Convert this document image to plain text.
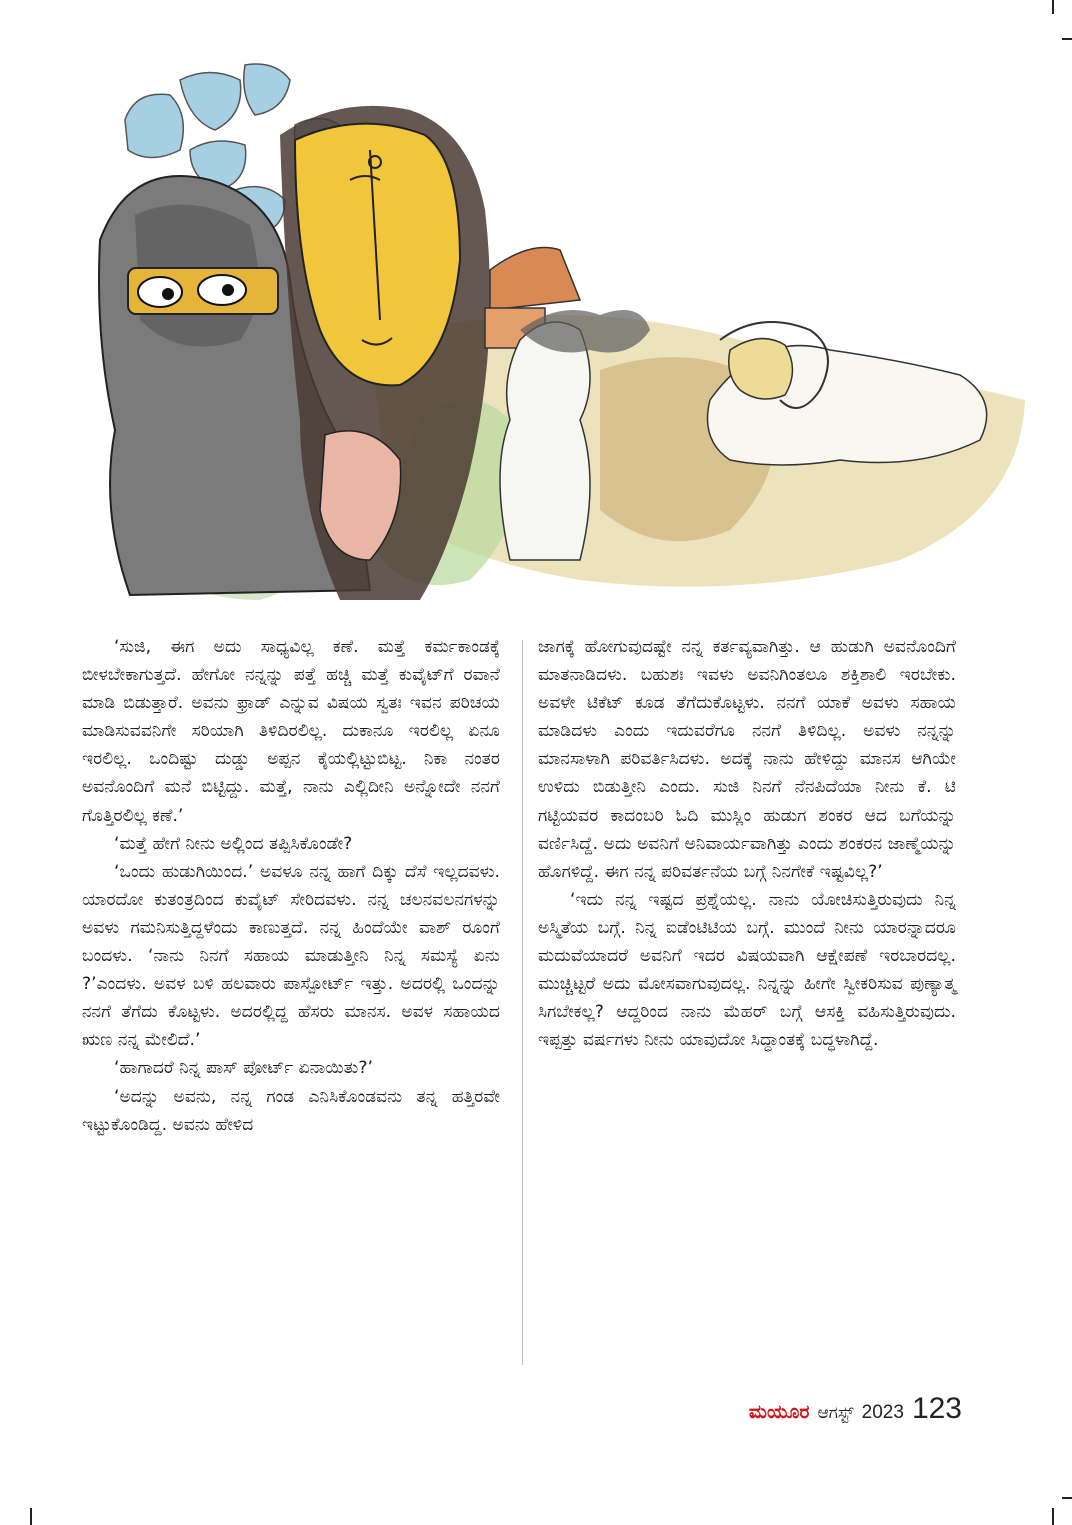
‘ಸುಜಿ, ಈಗ ಅದು ಸಾಧ್ಯವಿಲ್ಲ ಕಣೆ. ಮತ್ತೆ ಕರ್ಮಕಾಂಡಕ್ಕೆ ಬೀಳಬೇಕಾಗುತ್ತದೆ. ಹೇಗೋ ನನ್ನನ್ನು ಪತ್ತೆ ಹಚ್ಚಿ ಮತ್ತೆ ಕುವೈಟ್‌ಗೆ ರವಾನೆ ಮಾಡಿ ಬಿಡುತ್ತಾರೆ. ಅವನು ಫ್ರಾಡ್ ಎನ್ನುವ ವಿಷಯ ಸ್ವತಃ ಇವನ ಪರಿಚಯ ಮಾಡಿಸುವವನಿಗೇ ಸರಿಯಾಗಿ ತಿಳಿದಿರಲಿಲ್ಲ. ದುಕಾನೂ ಇರಲಿಲ್ಲ ಏನೂ ಇರಲಿಲ್ಲ. ಒಂದಿಷ್ಟು ದುಡ್ಡು ಅಪ್ಪನ ಕೈಯಲ್ಲಿಟ್ಟುಬಿಟ್ಟ. ನಿಕಾ ನಂತರ ಅವನೊಂದಿಗೆ ಮನೆ ಬಿಟ್ಟಿದ್ದು. ಮತ್ತೆ, ನಾನು ಎಲ್ಲಿದೀನಿ ಅನ್ನೋದೇ ನನಗೆ ಗೊತ್ತಿರಲಿಲ್ಲ ಕಣೆ.’

‘ಮತ್ತೆ ಹೇಗೆ ನೀನು ಅಲ್ಲಿಂದ ತಪ್ಪಿಸಿಕೊಂಡೇ?

‘ಒಂದು ಹುಡುಗಿಯಿಂದ.’ ಅವಳೂ ನನ್ನ ಹಾಗೆ ದಿಕ್ಕು ದೆಸೆ ಇಲ್ಲದವಳು. ಯಾರದೋ ಕುತಂತ್ರದಿಂದ ಕುವೈಟ್ ಸೇರಿದವಳು. ನನ್ನ ಚಲನವಲನಗಳನ್ನು ಅವಳು ಗಮನಿಸುತ್ತಿದ್ದಳೆಂದು ಕಾಣುತ್ತದೆ. ನನ್ನ ಹಿಂದೆಯೇ ವಾಶ್ ರೂಂಗೆ ಬಂದಳು. ‘ನಾನು ನಿನಗೆ ಸಹಾಯ ಮಾಡುತ್ತೀನಿ ನಿನ್ನ ಸಮಸ್ಯೆ ಏನು ?’ಎಂದಳು. ಅವಳ ಬಳಿ ಹಲವಾರು ಪಾಸ್ಪೋರ್ಟ್ ಇತ್ತು. ಅದರಲ್ಲಿ ಒಂದನ್ನು ನನಗೆ ತೆಗೆದು ಕೊಟ್ಟಳು. ಅದರಲ್ಲಿದ್ದ ಹೆಸರು ಮಾನಸ. ಅವಳ ಸಹಾಯದ ಋಣ ನನ್ನ ಮೇಲಿದೆ.’

‘ಹಾಗಾದರೆ ನಿನ್ನ ಪಾಸ್ ಪೋರ್ಟ್ ಏನಾಯಿತು?’

‘ಅದನ್ನು ಅವನು, ನನ್ನ ಗಂಡ ಎನಿಸಿಕೊಂಡವನು ತನ್ನ ಹತ್ತಿರವೇ ಇಟ್ಟುಕೊಂಡಿದ್ದ. ಅವನು ಹೇಳಿದ

ಜಾಗಕ್ಕೆ ಹೋಗುವುದಷ್ಟೇ ನನ್ನ ಕರ್ತವ್ಯವಾಗಿತ್ತು. ಆ ಹುಡುಗಿ ಅವನೊಂದಿಗೆ ಮಾತನಾಡಿದಳು. ಬಹುಶಃ ಇವಳು ಅವನಿಗಿಂತಲೂ ಶಕ್ತಿಶಾಲಿ ಇರಬೇಕು. ಅವಳೇ ಟಿಕೆಟ್ ಕೂಡ ತೆಗೆದುಕೊಟ್ಟಳು. ನನಗೆ ಯಾಕೆ ಅವಳು ಸಹಾಯ ಮಾಡಿದಳು ಎಂದು ಇದುವರೆಗೂ ನನಗೆ ತಿಳಿದಿಲ್ಲ. ಅವಳು ನನ್ನನ್ನು ಮಾನಸಾಳಾಗಿ ಪರಿವರ್ತಿಸಿದಳು. ಅದಕ್ಕೆ ನಾನು ಹೇಳಿದ್ದು ಮಾನಸ ಆಗಿಯೇ ಉಳಿದು ಬಿಡುತ್ತೀನಿ ಎಂದು. ಸುಜಿ ನಿನಗೆ ನೆನಪಿದೆಯಾ ನೀನು ಕೆ. ಟಿ ಗಟ್ಟಿಯವರ ಕಾದಂಬರಿ ಓದಿ ಮುಸ್ಲಿಂ ಹುಡುಗ ಶಂಕರ ಆದ ಬಗೆಯನ್ನು ವರ್ಣಿಸಿದ್ದೆ. ಅದು ಅವನಿಗೆ ಅನಿವಾರ್ಯವಾಗಿತ್ತು ಎಂದು ಶಂಕರನ ಜಾಣ್ಮೆಯನ್ನು ಹೊಗಳಿದ್ದೆ. ಈಗ ನನ್ನ ಪರಿವರ್ತನೆಯ ಬಗ್ಗೆ ನಿನಗೇಕೆ ಇಷ್ಟವಿಲ್ಲ?’

‘ಇದು ನನ್ನ ಇಷ್ಟದ ಪ್ರಶ್ನೆಯಲ್ಲ. ನಾನು ಯೋಚಿಸುತ್ತಿರುವುದು ನಿನ್ನ ಅಸ್ಮಿತೆಯ ಬಗ್ಗೆ. ನಿನ್ನ ಐಡೆಂಟಿಟಿಯ ಬಗ್ಗೆ. ಮುಂದೆ ನೀನು ಯಾರನ್ನಾದರೂ ಮದುವೆಯಾದರೆ ಅವನಿಗೆ ಇದರ ವಿಷಯವಾಗಿ ಆಕ್ಷೇಪಣೆ ಇರಬಾರದಲ್ಲ. ಮುಚ್ಚಿಟ್ಟರೆ ಅದು ಮೋಸವಾಗುವುದಲ್ಲ. ನಿನ್ನನ್ನು ಹೀಗೇ ಸ್ವೀಕರಿಸುವ ಪುಣ್ಯಾತ್ಮ ಸಿಗಬೇಕಲ್ಲ? ಆದ್ದರಿಂದ ನಾನು ಮೆಹರ್ ಬಗ್ಗೆ ಆಸಕ್ತಿ ವಹಿಸುತ್ತಿರುವುದು. ಇಪ್ಪತ್ತು ವರ್ಷಗಳು ನೀನು ಯಾವುದೋ ಸಿದ್ಧಾಂತಕ್ಕೆ ಬದ್ಧಳಾಗಿದ್ದೆ.

ಮಯೂರ ಆಗಸ್ಟ್ 2023 123
